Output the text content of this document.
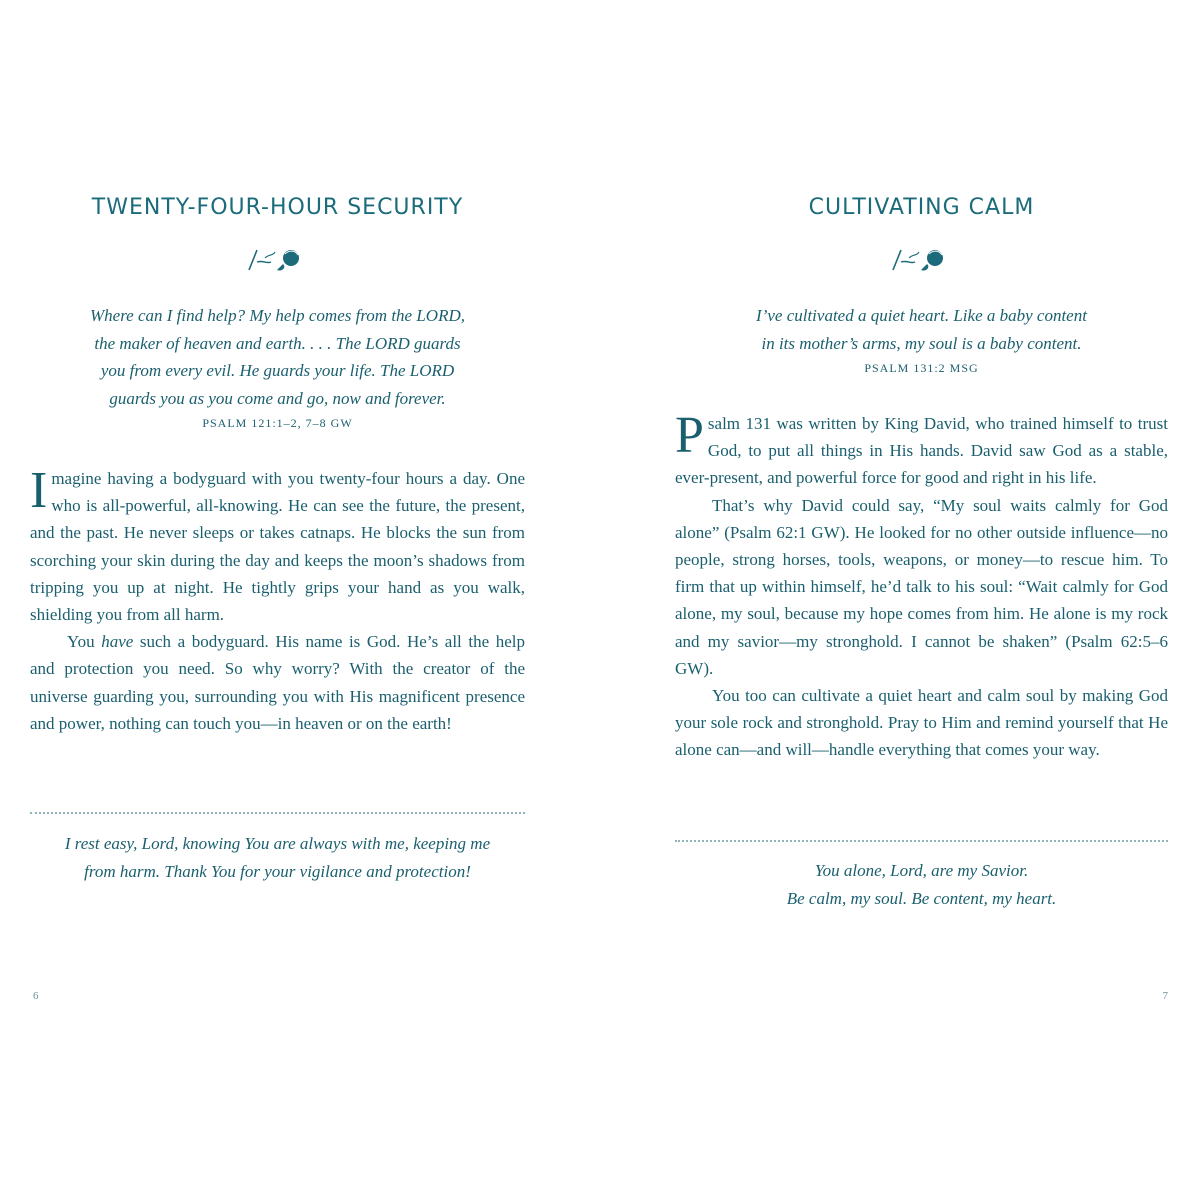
TWENTY-FOUR-HOUR SECURITY
Where can I find help? My help comes from the LORD,
the maker of heaven and earth. . . . The LORD guards
you from every evil. He guards your life. The LORD
guards you as you come and go, now and forever.
PSALM 121:1–2, 7–8 GW

Imagine having a bodyguard with you twenty-four hours a day. One who is all-powerful, all-knowing. He can see the future, the present, and the past. He never sleeps or takes catnaps. He blocks the sun from scorching your skin during the day and keeps the moon’s shadows from tripping you up at night. He tightly grips your hand as you walk, shielding you from all harm.

You have such a bodyguard. His name is God. He’s all the help and protection you need. So why worry? With the creator of the universe guarding you, surrounding you with His magnificent presence and power, nothing can touch you—in heaven or on the earth!

I rest easy, Lord, knowing You are always with me, keeping me
from harm. Thank You for your vigilance and protection!
6
CULTIVATING CALM
I’ve cultivated a quiet heart. Like a baby content
in its mother’s arms, my soul is a baby content.
PSALM 131:2 MSG

Psalm 131 was written by King David, who trained himself to trust God, to put all things in His hands. David saw God as a stable, ever-present, and powerful force for good and right in his life.

That’s why David could say, “My soul waits calmly for God alone” (Psalm 62:1 GW). He looked for no other outside influence—no people, strong horses, tools, weapons, or money—to rescue him. To firm that up within himself, he’d talk to his soul: “Wait calmly for God alone, my soul, because my hope comes from him. He alone is my rock and my savior—my stronghold. I cannot be shaken” (Psalm 62:5–6 GW).

You too can cultivate a quiet heart and calm soul by making God your sole rock and stronghold. Pray to Him and remind yourself that He alone can—and will—handle everything that comes your way.

You alone, Lord, are my Savior.
Be calm, my soul. Be content, my heart.
7
